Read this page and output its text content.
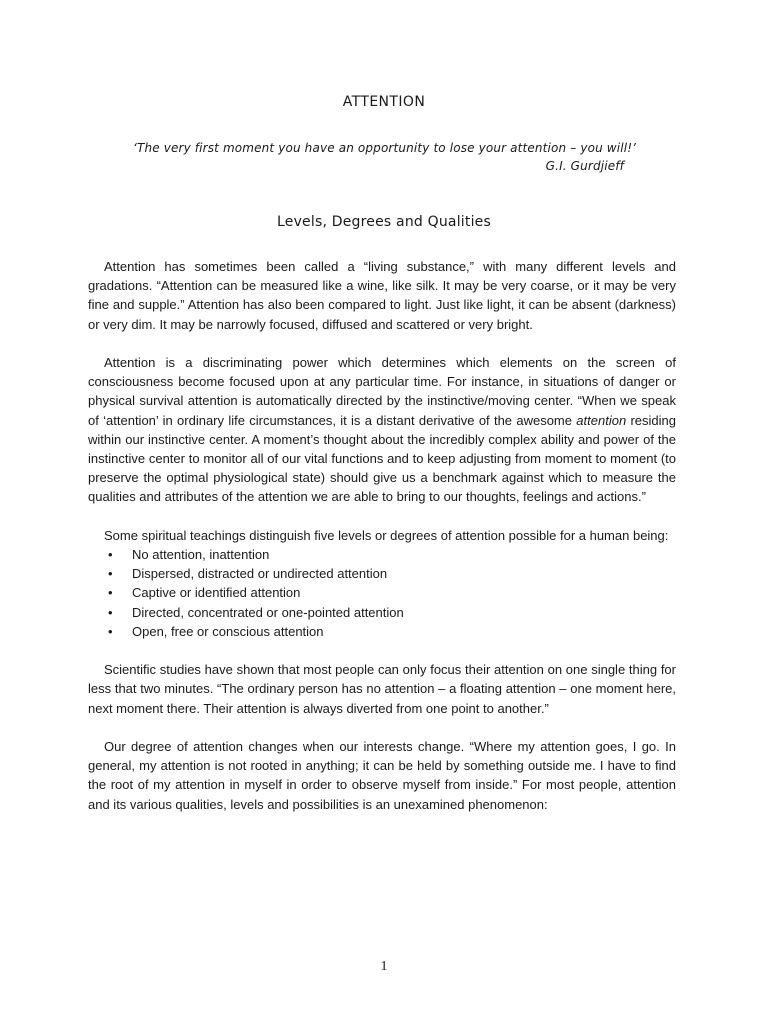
ATTENTION
‘The very first moment you have an opportunity to lose your attention – you will!’
G.I. Gurdjieff
Levels, Degrees and Qualities

Attention has sometimes been called a “living substance,” with many different levels and gradations. “Attention can be measured like a wine, like silk. It may be very coarse, or it may be very fine and supple.” Attention has also been compared to light. Just like light, it can be absent (darkness) or very dim. It may be narrowly focused, diffused and scattered or very bright.

Attention is a discriminating power which determines which elements on the screen of consciousness become focused upon at any particular time. For instance, in situations of danger or physical survival attention is automatically directed by the instinctive/moving center. “When we speak of ‘attention’ in ordinary life circumstances, it is a distant derivative of the awesome attention residing within our instinctive center. A moment’s thought about the incredibly complex ability and power of the instinctive center to monitor all of our vital functions and to keep adjusting from moment to moment (to preserve the optimal physiological state) should give us a benchmark against which to measure the qualities and attributes of the attention we are able to bring to our thoughts, feelings and actions.”

Some spiritual teachings distinguish five levels or degrees of attention possible for a human being:

• No attention, inattention
• Dispersed, distracted or undirected attention
• Captive or identified attention
• Directed, concentrated or one-pointed attention
• Open, free or conscious attention

Scientific studies have shown that most people can only focus their attention on one single thing for less that two minutes. “The ordinary person has no attention – a floating attention – one moment here, next moment there. Their attention is always diverted from one point to another.”

Our degree of attention changes when our interests change. “Where my attention goes, I go. In general, my attention is not rooted in anything; it can be held by something outside me. I have to find the root of my attention in myself in order to observe myself from inside.” For most people, attention and its various qualities, levels and possibilities is an unexamined phenomenon:

1
